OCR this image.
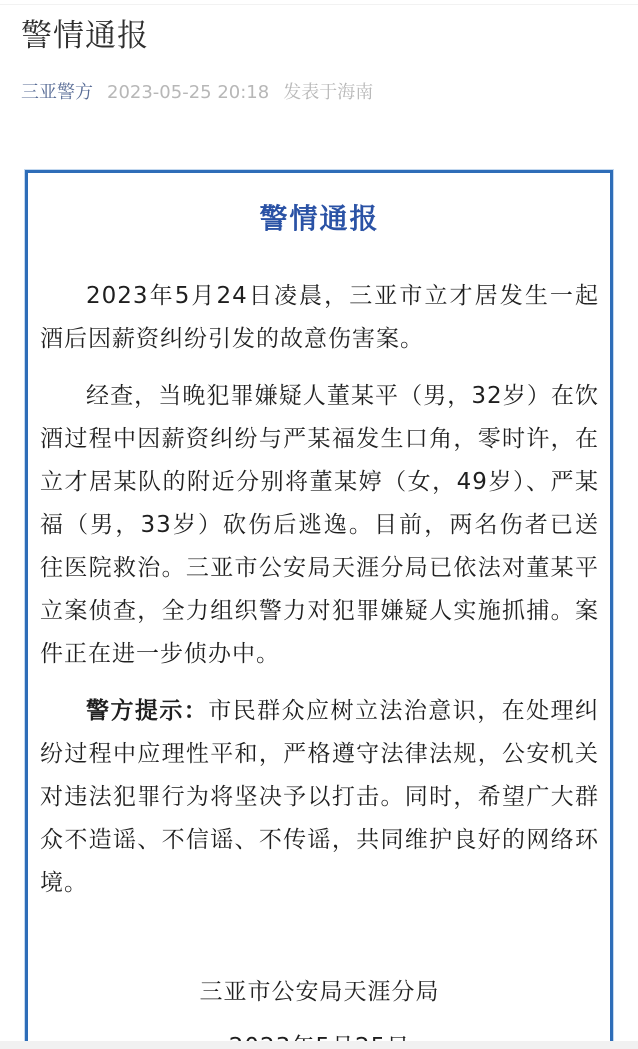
警情通报
三亚警方 2023-05-25 20:18 发表于海南
警情通报

2023年5月24日凌晨，三亚市立才居发生一起酒后因薪资纠纷引发的故意伤害案。

经查，当晚犯罪嫌疑人董某平（男，32岁）在饮酒过程中因薪资纠纷与严某福发生口角，零时许，在立才居某队的附近分别将董某婷（女，49岁）、严某福（男，33岁）砍伤后逃逸。目前，两名伤者已送往医院救治。三亚市公安局天涯分局已依法对董某平立案侦查，全力组织警力对犯罪嫌疑人实施抓捕。案件正在进一步侦办中。

警方提示：市民群众应树立法治意识，在处理纠纷过程中应理性平和，严格遵守法律法规，公安机关对违法犯罪行为将坚决予以打击。同时，希望广大群众不造谣、不信谣、不传谣，共同维护良好的网络环境。

三亚市公安局天涯分局
